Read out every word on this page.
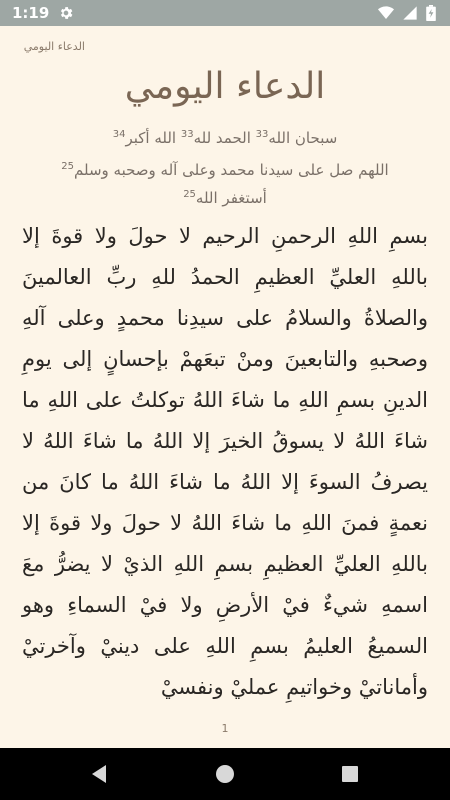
1:19
الدعاء اليومي
الدعاء اليومي
سبحان الله$^{33}$ الحمد لله$^{33}$ الله أكبر$^{34}$
اللهم صل على سيدنا محمد وعلى آله وصحبه وسلم$^{25}$
أستغفر الله$^{25}$
بسمِ اللهِ الرحمنِ الرحيم لا حولَ ولا قوةَ إلا باللهِ العليِّ العظيمِ الحمدُ للهِ ربِّ العالمينَ والصلاةُ والسلامُ على سيدِنا محمدٍ وعلى آلهِ وصحبهِ والتابعينَ ومنْ تبعَهمْ بإحسانٍ إلى يومِ الدينِ بسمِ اللهِ ما شاءَ اللهُ توكلتُ على اللهِ ما شاءَ اللهُ لا يسوقُ الخيرَ إلا اللهُ ما شاءَ اللهُ لا يصرفُ السوءَ إلا اللهُ ما شاءَ اللهُ ما كانَ من نعمةٍ فمنَ اللهِ ما شاءَ اللهُ لا حولَ ولا قوةَ إلا باللهِ العليِّ العظيمِ بسمِ اللهِ الذيْ لا يضرُّ معَ اسمهِ شيءٌ فيْ الأرضِ ولا فيْ السماءِ وهو السميعُ العليمُ بسمِ اللهِ على دينيْ وآخرتيْ وأماناتيْ وخواتيمِ عمليْ ونفسيْ
1
